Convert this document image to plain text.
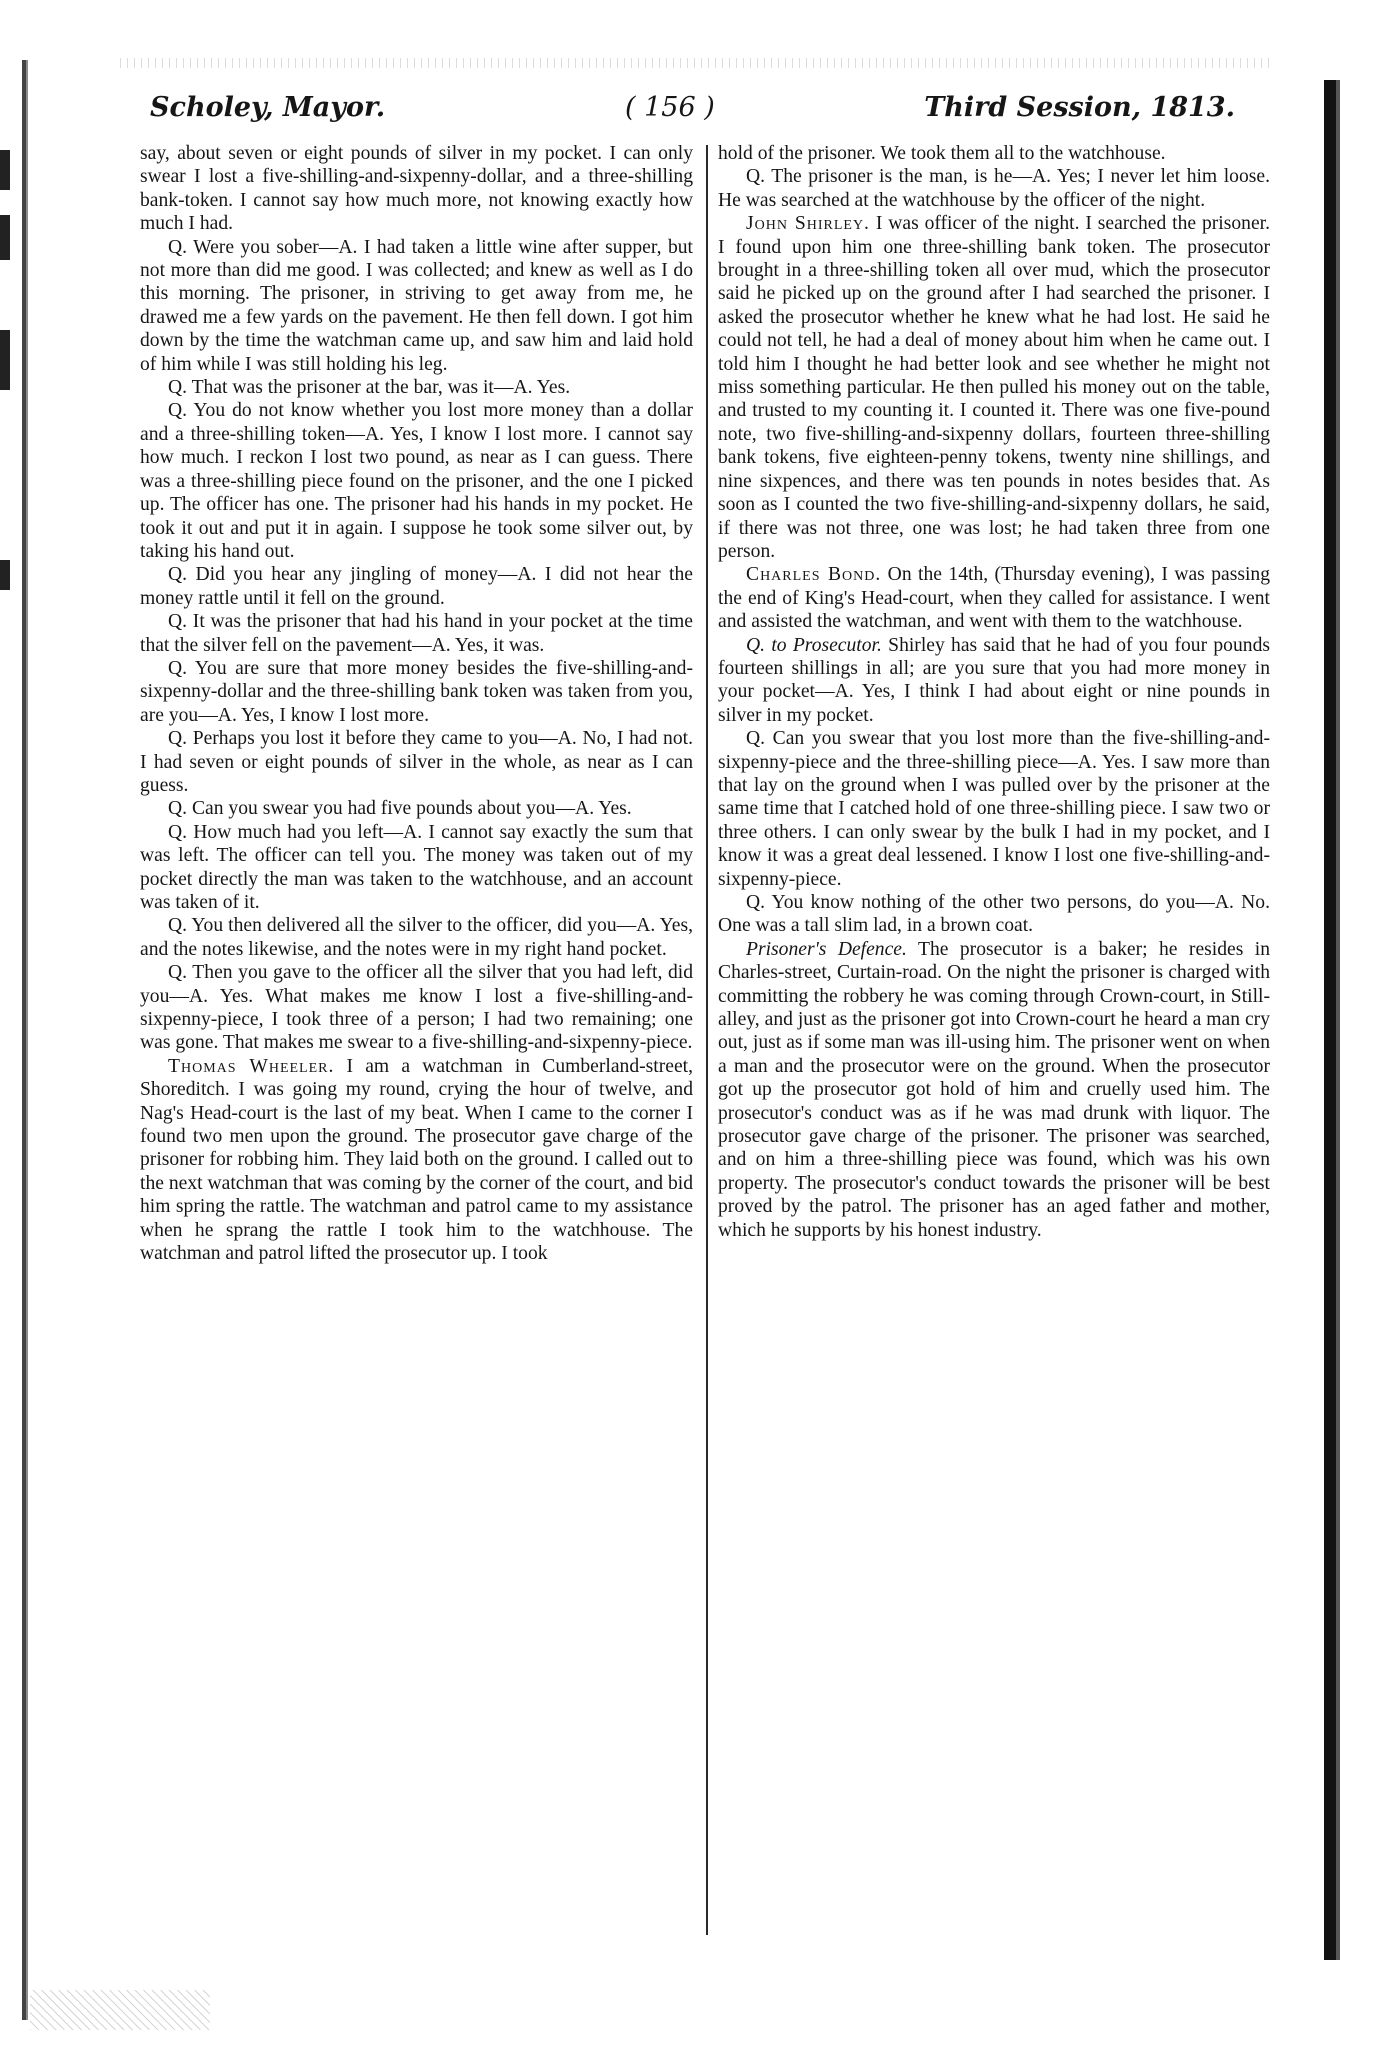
Scholey, Mayor.	( 156 )	Third Session, 1813.

say, about seven or eight pounds of silver in my pocket. I can only swear I lost a five-shilling-and-sixpenny-dollar, and a three-shilling bank-token. I cannot say how much more, not knowing exactly how much I had.

Q. Were you sober—A. I had taken a little wine after supper, but not more than did me good. I was collected; and knew as well as I do this morning. The prisoner, in striving to get away from me, he drawed me a few yards on the pavement. He then fell down. I got him down by the time the watchman came up, and saw him and laid hold of him while I was still holding his leg.

Q. That was the prisoner at the bar, was it—A. Yes.

Q. You do not know whether you lost more money than a dollar and a three-shilling token—A. Yes, I know I lost more. I cannot say how much. I reckon I lost two pound, as near as I can guess. There was a three-shilling piece found on the prisoner, and the one I picked up. The officer has one. The prisoner had his hands in my pocket. He took it out and put it in again. I suppose he took some silver out, by taking his hand out.

Q. Did you hear any jingling of money—A. I did not hear the money rattle until it fell on the ground.

Q. It was the prisoner that had his hand in your pocket at the time that the silver fell on the pavement—A. Yes, it was.

Q. You are sure that more money besides the five-shilling-and-sixpenny-dollar and the three-shilling bank token was taken from you, are you—A. Yes, I know I lost more.

Q. Perhaps you lost it before they came to you—A. No, I had not. I had seven or eight pounds of silver in the whole, as near as I can guess.

Q. Can you swear you had five pounds about you—A. Yes.

Q. How much had you left—A. I cannot say exactly the sum that was left. The officer can tell you. The money was taken out of my pocket directly the man was taken to the watchhouse, and an account was taken of it.

Q. You then delivered all the silver to the officer, did you—A. Yes, and the notes likewise, and the notes were in my right hand pocket.

Q. Then you gave to the officer all the silver that you had left, did you—A. Yes. What makes me know I lost a five-shilling-and-sixpenny-piece, I took three of a person; I had two remaining; one was gone. That makes me swear to a five-shilling-and-sixpenny-piece.

Thomas Wheeler. I am a watchman in Cumberland-street, Shoreditch. I was going my round, crying the hour of twelve, and Nag's Head-court is the last of my beat. When I came to the corner I found two men upon the ground. The prosecutor gave charge of the prisoner for robbing him. They laid both on the ground. I called out to the next watchman that was coming by the corner of the court, and bid him spring the rattle. The watchman and patrol came to my assistance when he sprang the rattle I took him to the watchhouse. The watchman and patrol lifted the prosecutor up. I took

hold of the prisoner. We took them all to the watchhouse.

Q. The prisoner is the man, is he—A. Yes; I never let him loose. He was searched at the watchhouse by the officer of the night.

John Shirley. I was officer of the night. I searched the prisoner. I found upon him one three-shilling bank token. The prosecutor brought in a three-shilling token all over mud, which the prosecutor said he picked up on the ground after I had searched the prisoner. I asked the prosecutor whether he knew what he had lost. He said he could not tell, he had a deal of money about him when he came out. I told him I thought he had better look and see whether he might not miss something particular. He then pulled his money out on the table, and trusted to my counting it. I counted it. There was one five-pound note, two five-shilling-and-sixpenny dollars, fourteen three-shilling bank tokens, five eighteen-penny tokens, twenty nine shillings, and nine sixpences, and there was ten pounds in notes besides that. As soon as I counted the two five-shilling-and-sixpenny dollars, he said, if there was not three, one was lost; he had taken three from one person.

Charles Bond. On the 14th, (Thursday evening), I was passing the end of King's Head-court, when they called for assistance. I went and assisted the watchman, and went with them to the watchhouse.

Q. to Prosecutor. Shirley has said that he had of you four pounds fourteen shillings in all; are you sure that you had more money in your pocket—A. Yes, I think I had about eight or nine pounds in silver in my pocket.

Q. Can you swear that you lost more than the five-shilling-and-sixpenny-piece and the three-shilling piece—A. Yes. I saw more than that lay on the ground when I was pulled over by the prisoner at the same time that I catched hold of one three-shilling piece. I saw two or three others. I can only swear by the bulk I had in my pocket, and I know it was a great deal lessened. I know I lost one five-shilling-and-sixpenny-piece.

Q. You know nothing of the other two persons, do you—A. No. One was a tall slim lad, in a brown coat.

Prisoner's Defence. The prosecutor is a baker; he resides in Charles-street, Curtain-road. On the night the prisoner is charged with committing the robbery he was coming through Crown-court, in Still-alley, and just as the prisoner got into Crown-court he heard a man cry out, just as if some man was ill-using him. The prisoner went on when a man and the prosecutor were on the ground. When the prosecutor got up the prosecutor got hold of him and cruelly used him. The prosecutor's conduct was as if he was mad drunk with liquor. The prosecutor gave charge of the prisoner. The prisoner was searched, and on him a three-shilling piece was found, which was his own property. The prosecutor's conduct towards the prisoner will be best proved by the patrol. The prisoner has an aged father and mother, which he supports by his honest industry.
